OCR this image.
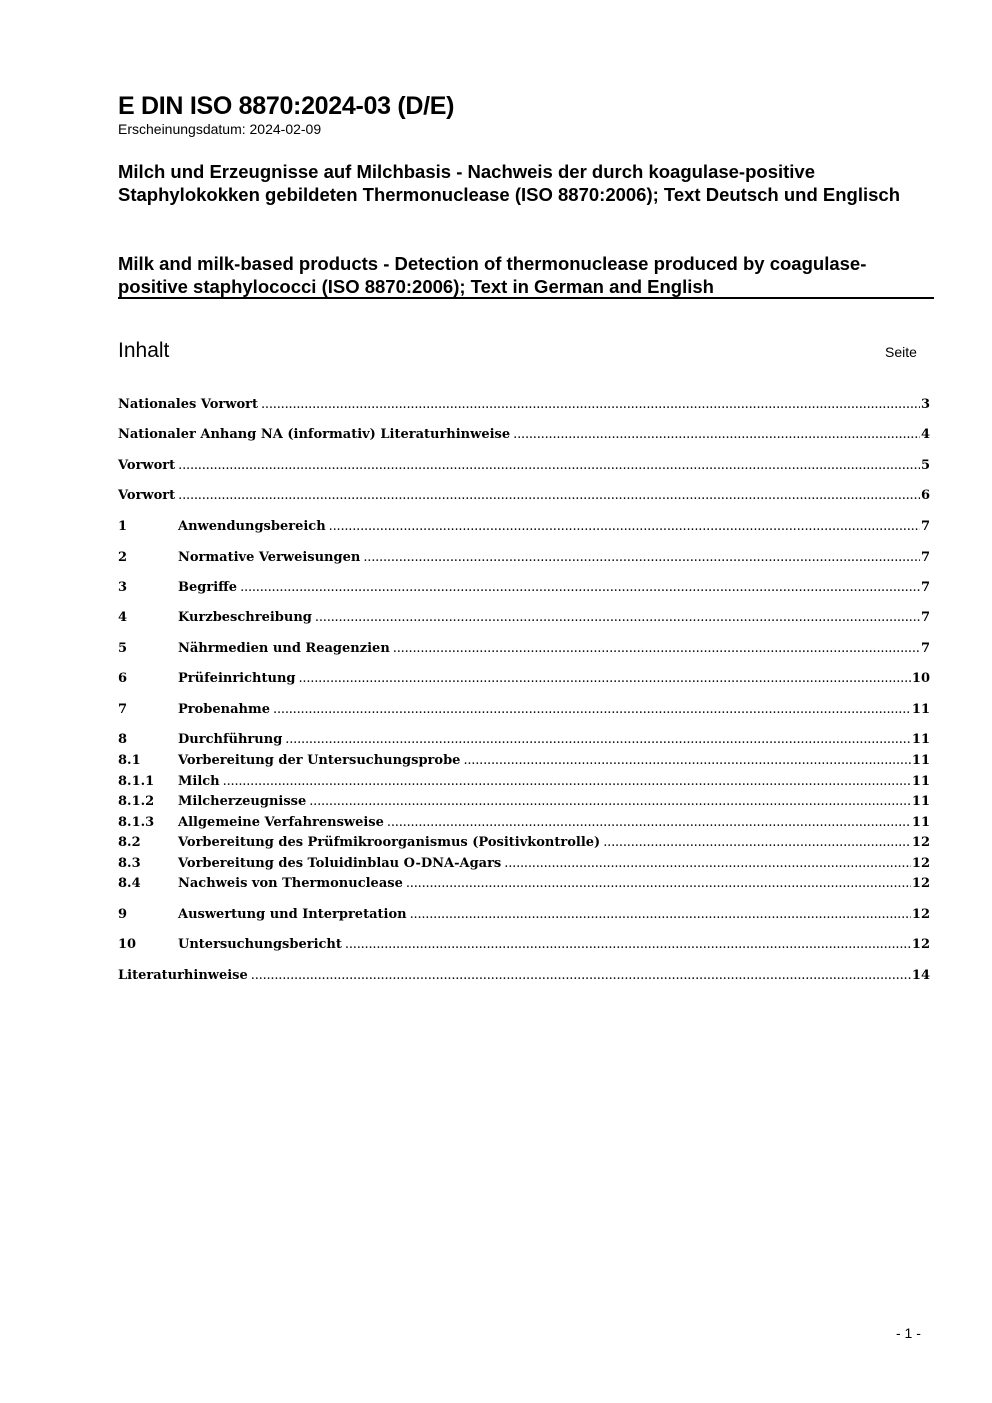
E DIN ISO 8870:2024-03 (D/E)
Erscheinungsdatum: 2024-02-09
Milch und Erzeugnisse auf Milchbasis - Nachweis der durch koagulase-positive Staphylokokken gebildeten Thermonuclease (ISO 8870:2006); Text Deutsch und Englisch
Milk and milk-based products - Detection of thermonuclease produced by coagulase-positive staphylococci (ISO 8870:2006); Text in German and English
Inhalt	Seite
Nationales Vorwort .....	3
Nationaler Anhang NA (informativ) Literaturhinweise .....	4
Vorwort .....	5
Vorwort .....	6
1	Anwendungsbereich .....	7
2	Normative Verweisungen .....	7
3	Begriffe .....	7
4	Kurzbeschreibung .....	7
5	Nährmedien und Reagenzien .....	7
6	Prüfeinrichtung .....	10
7	Probenahme .....	11
8	Durchführung .....	11
8.1	Vorbereitung der Untersuchungsprobe .....	11
8.1.1	Milch .....	11
8.1.2	Milcherzeugnisse .....	11
8.1.3	Allgemeine Verfahrensweise .....	11
8.2	Vorbereitung des Prüfmikroorganismus (Positivkontrolle) .....	12
8.3	Vorbereitung des Toluidinblau O-DNA-Agars .....	12
8.4	Nachweis von Thermonuclease .....	12
9	Auswertung und Interpretation .....	12
10	Untersuchungsbericht .....	12
Literaturhinweise .....	14
- 1 -
